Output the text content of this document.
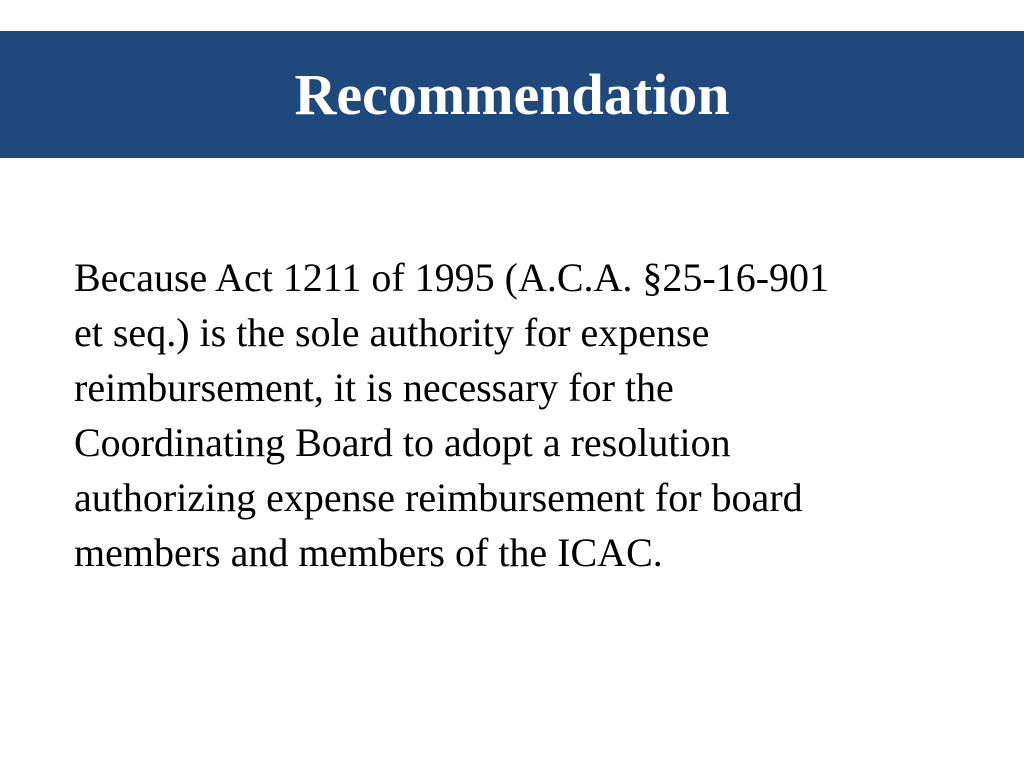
Recommendation

Because Act 1211 of 1995 (A.C.A. §25-16-901
et seq.) is the sole authority for expense
reimbursement, it is necessary for the
Coordinating Board to adopt a resolution
authorizing expense reimbursement for board
members and members of the ICAC.
